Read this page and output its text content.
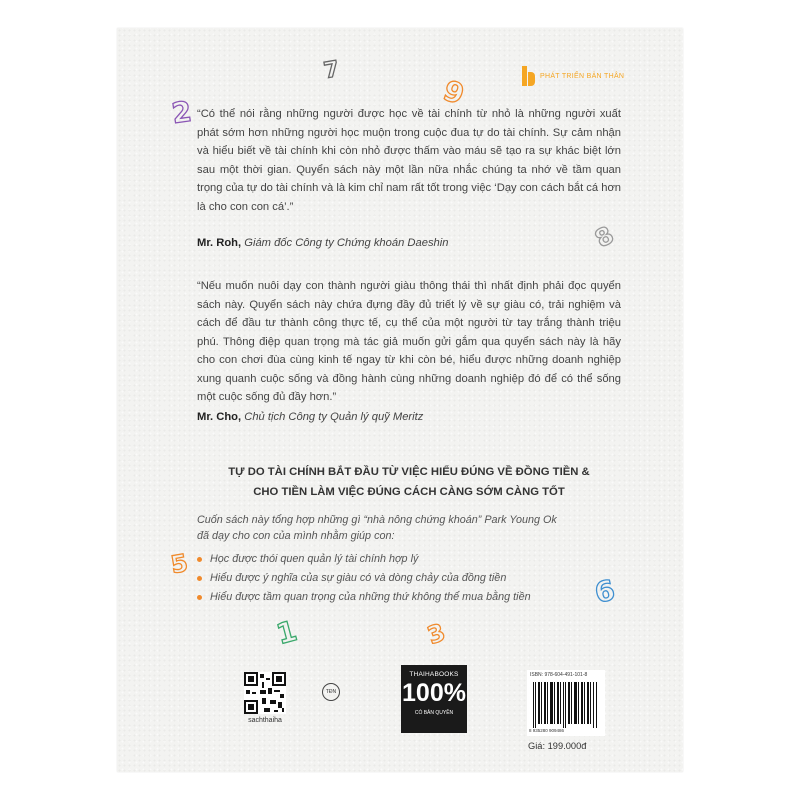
2
7
9
8
5
6
1	3
PHÁT TRIỂN BẢN THÂN

“Có thể nói rằng những người được học về tài chính từ nhỏ là những người xuất phát sớm hơn những người học muộn trong cuộc đua tự do tài chính. Sự cảm nhận và hiểu biết về tài chính khi còn nhỏ được thấm vào máu sẽ tạo ra sự khác biệt lớn sau một thời gian. Quyển sách này một lần nữa nhắc chúng ta nhớ về tầm quan trọng của tự do tài chính và là kim chỉ nam rất tốt trong việc ‘Dạy con cách bắt cá hơn là cho con con cá’.”

Mr. Roh, Giám đốc Công ty Chứng khoán Daeshin

“Nếu muốn nuôi dạy con thành người giàu thông thái thì nhất định phải đọc quyển sách này. Quyển sách này chứa đựng đầy đủ triết lý về sự giàu có, trải nghiệm và cách để đầu tư thành công thực tế, cụ thể của một người từ tay trắng thành triệu phú. Thông điệp quan trọng mà tác giả muốn gửi gắm qua quyển sách này là hãy cho con chơi đùa cùng kinh tế ngay từ khi còn bé, hiểu được những doanh nghiệp xung quanh cuộc sống và đồng hành cùng những doanh nghiệp đó để có thể sống một cuộc sống đủ đầy hơn.”

Mr. Cho, Chủ tịch Công ty Quản lý quỹ Meritz
TỰ DO TÀI CHÍNH BẮT ĐẦU TỪ VIỆC HIỂU ĐÚNG VỀ ĐỒNG TIỀN &
CHO TIỀN LÀM VIỆC ĐÚNG CÁCH CÀNG SỚM CÀNG TỐT
Cuốn sách này tổng hợp những gì “nhà nông chứng khoán” Park Young Ok
đã dạy cho con của mình nhằm giúp con:
Học được thói quen quản lý tài chính hợp lý
Hiểu được ý nghĩa của sự giàu có và dòng chảy của đồng tiền
Hiểu được tầm quan trọng của những thứ không thể mua bằng tiền
sachthaiha
TĐN
THAIHABOOKS
100%
CÓ BẢN QUYỀN
ISBN: 978-604-491-101-8
8 935280 909486
Giá: 199.000đ
